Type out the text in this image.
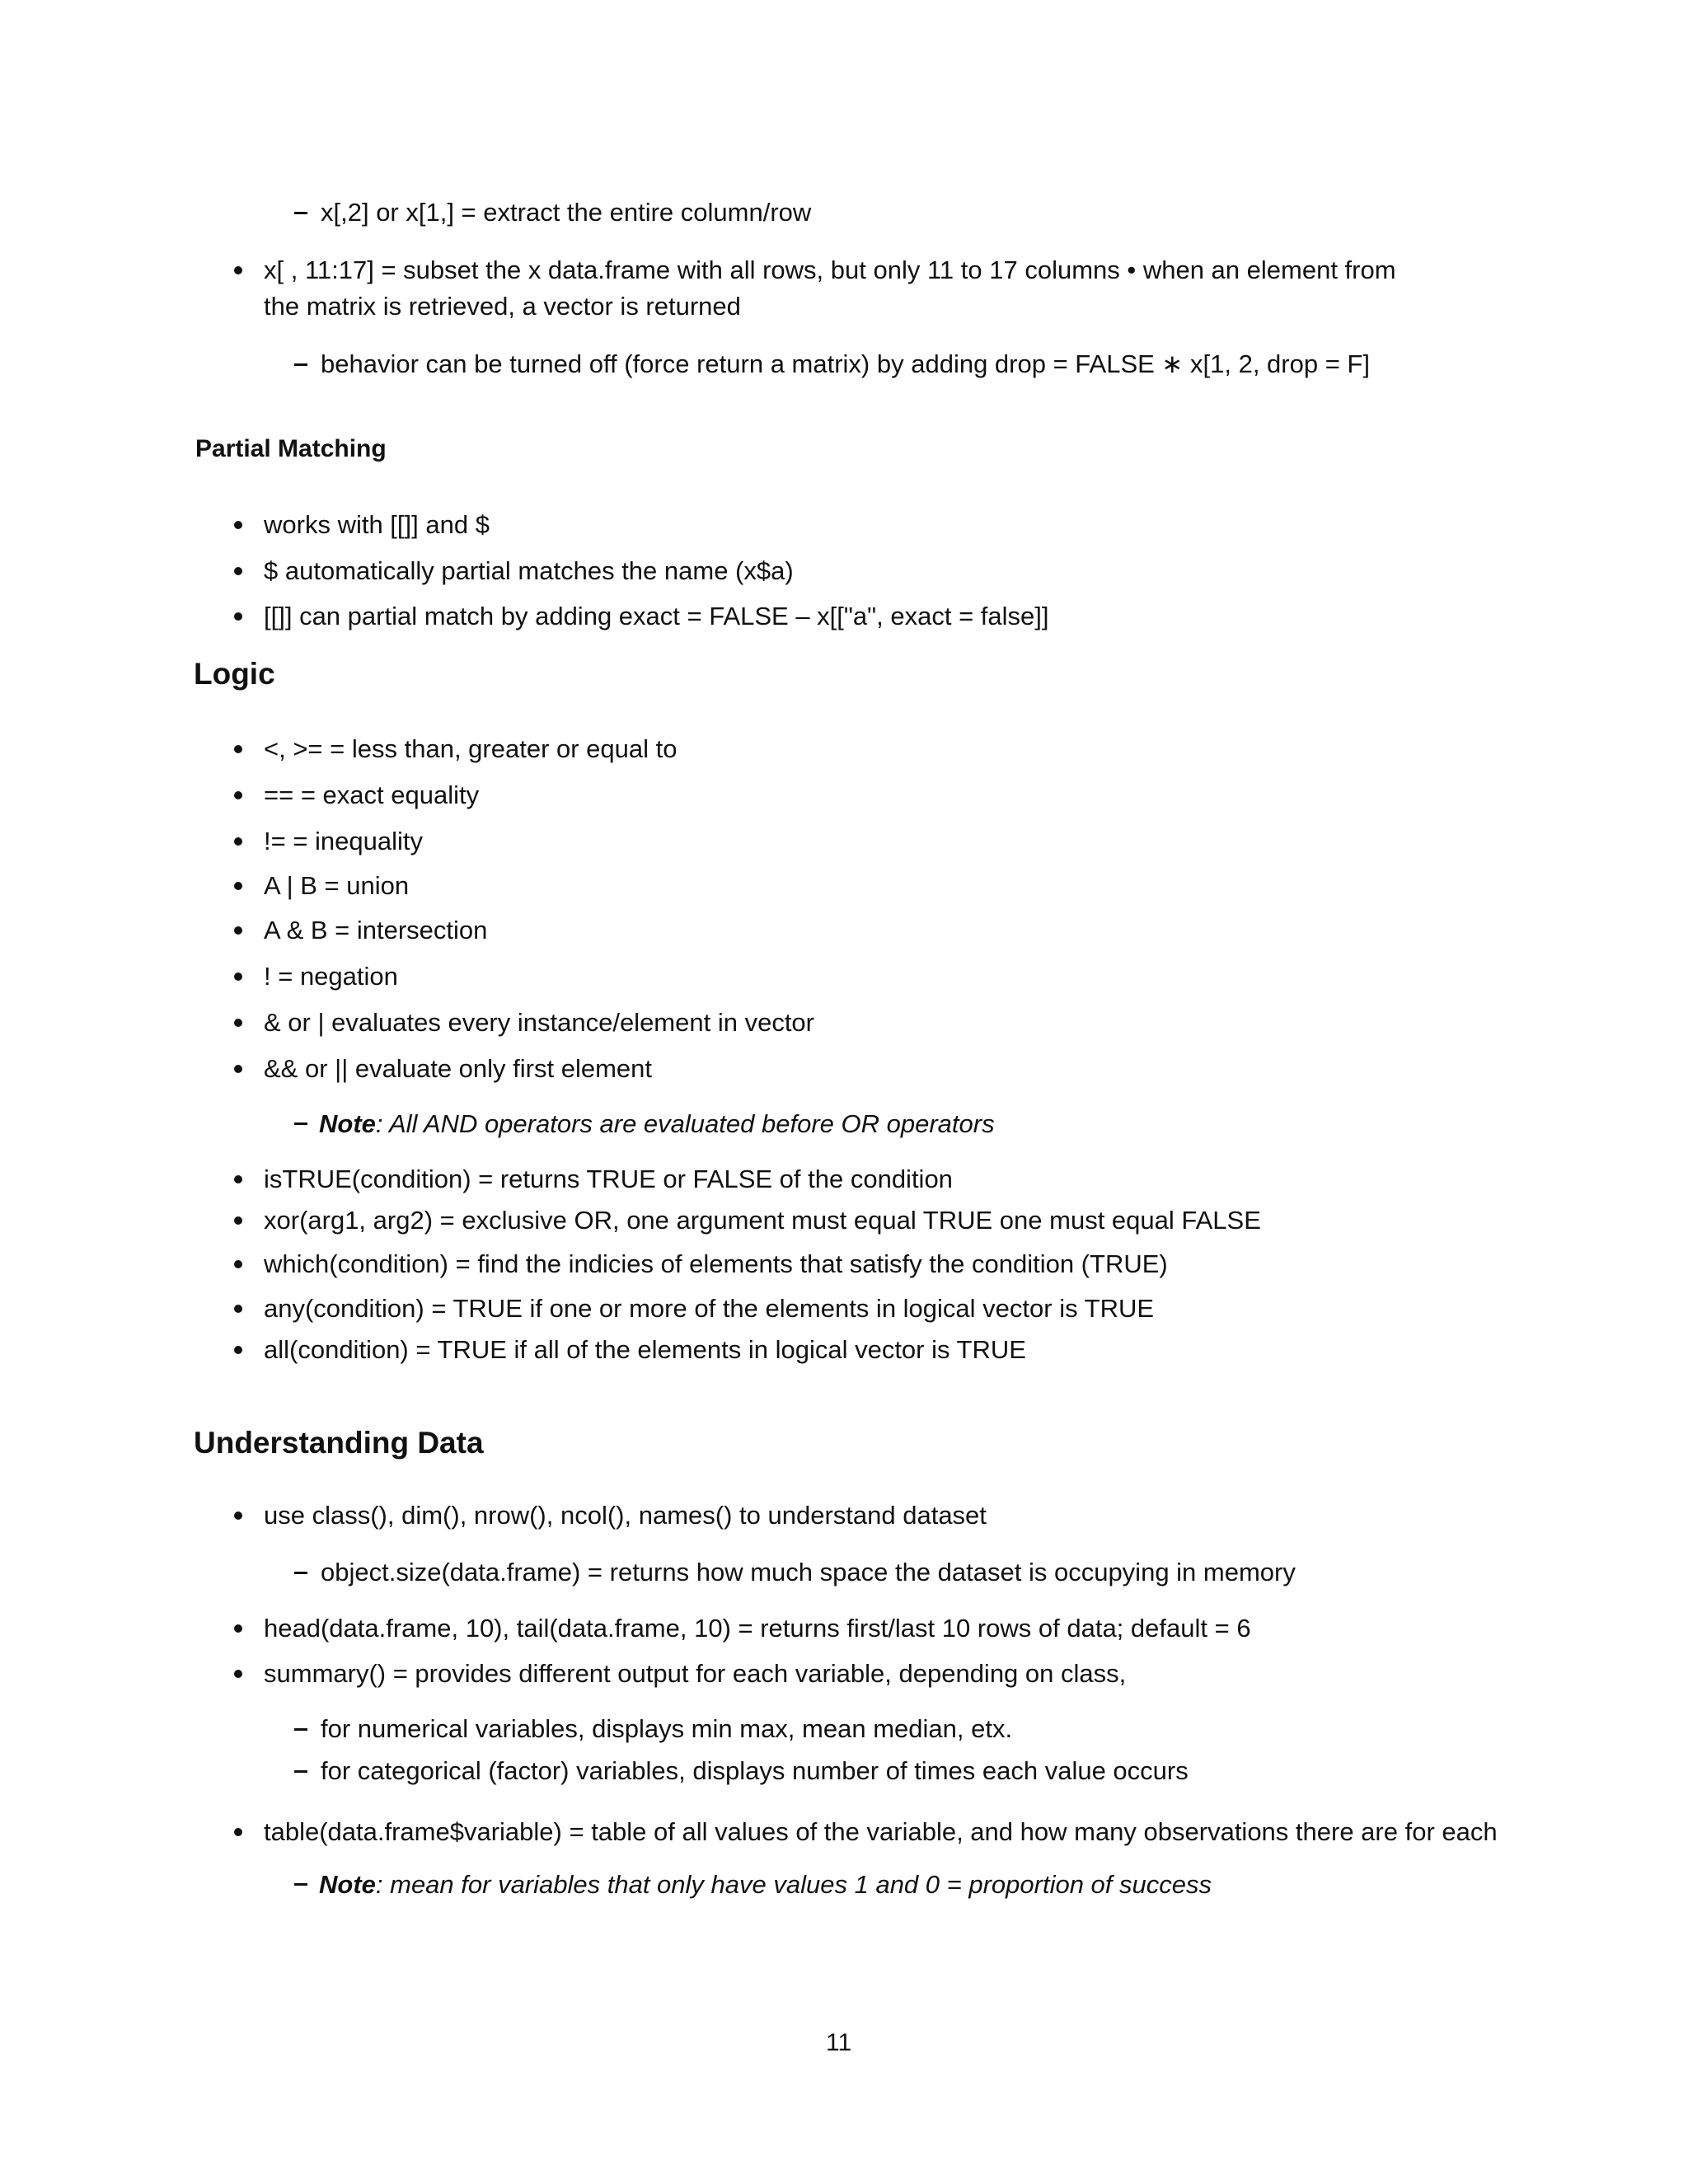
x[,2] or x[1,] = extract the entire column/row
x[ , 11:17] = subset the x data.frame with all rows, but only 11 to 17 columns • when an element from
the matrix is retrieved, a vector is returned
behavior can be turned off (force return a matrix) by adding drop = FALSE ∗ x[1, 2, drop = F]
Partial Matching
works with [[]] and $
$ automatically partial matches the name (x$a)
[[]] can partial match by adding exact = FALSE – x[["a", exact = false]]
Logic
<, >= = less than, greater or equal to
== = exact equality
!= = inequality
A | B = union
A & B = intersection
! = negation
& or | evaluates every instance/element in vector
&& or || evaluate only first element
Note: All AND operators are evaluated before OR operators
isTRUE(condition) = returns TRUE or FALSE of the condition
xor(arg1, arg2) = exclusive OR, one argument must equal TRUE one must equal FALSE
which(condition) = find the indicies of elements that satisfy the condition (TRUE)
any(condition) = TRUE if one or more of the elements in logical vector is TRUE
all(condition) = TRUE if all of the elements in logical vector is TRUE
Understanding Data
use class(), dim(), nrow(), ncol(), names() to understand dataset
object.size(data.frame) = returns how much space the dataset is occupying in memory
head(data.frame, 10), tail(data.frame, 10) = returns first/last 10 rows of data; default = 6
summary() = provides different output for each variable, depending on class,
for numerical variables, displays min max, mean median, etx.
for categorical (factor) variables, displays number of times each value occurs
table(data.frame$variable) = table of all values of the variable, and how many observations there are for each
Note: mean for variables that only have values 1 and 0 = proportion of success
11
